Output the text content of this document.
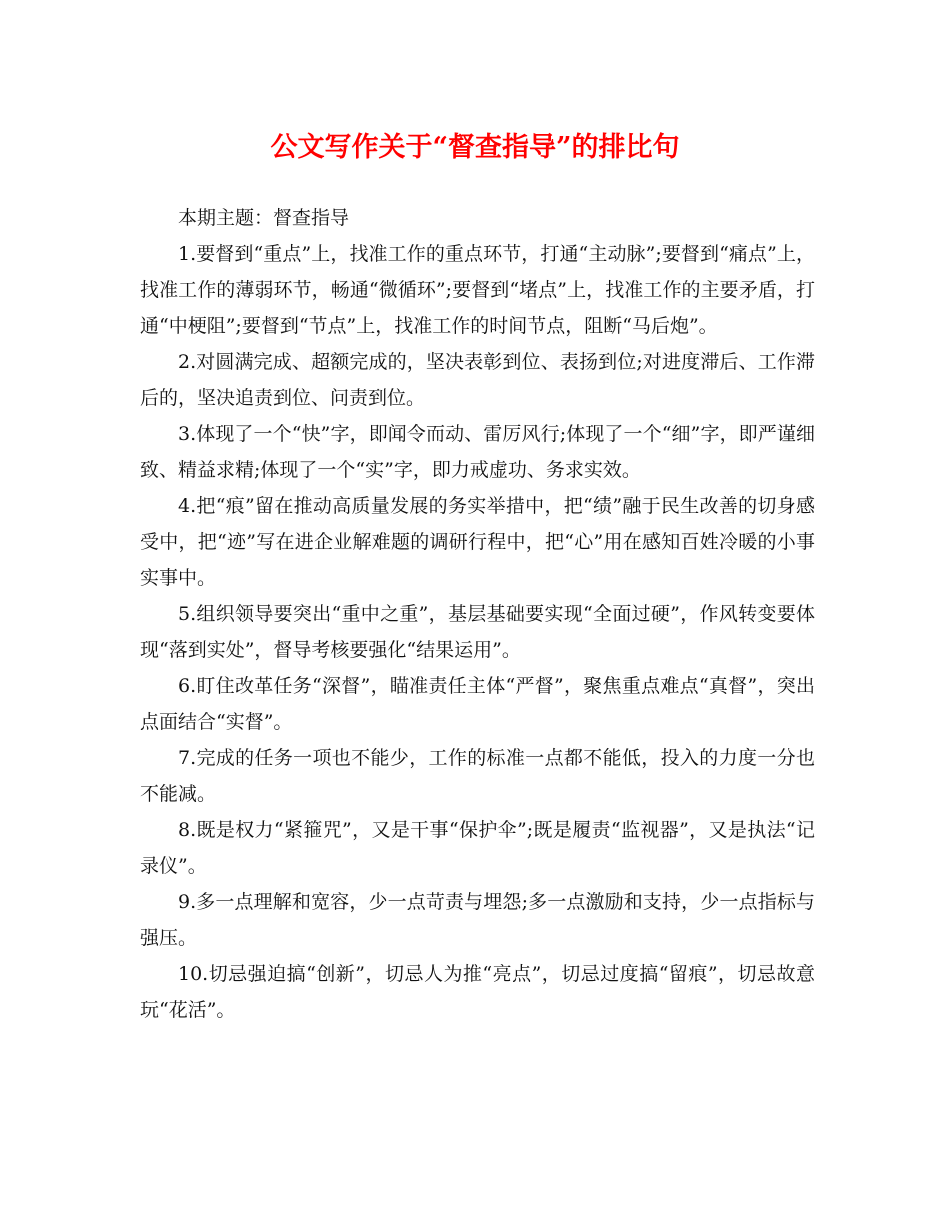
公文写作关于“督查指导”的排比句

本期主题：督查指导

1.要督到“重点”上，找准工作的重点环节，打通“主动脉”;要督到“痛点”上，找准工作的薄弱环节，畅通“微循环”;要督到“堵点”上，找准工作的主要矛盾，打通“中梗阻”;要督到“节点”上，找准工作的时间节点，阻断“马后炮”。

2.对圆满完成、超额完成的，坚决表彰到位、表扬到位;对进度滞后、工作滞后的，坚决追责到位、问责到位。

3.体现了一个“快”字，即闻令而动、雷厉风行;体现了一个“细”字，即严谨细致、精益求精;体现了一个“实”字，即力戒虚功、务求实效。

4.把“痕”留在推动高质量发展的务实举措中，把“绩”融于民生改善的切身感受中，把“迹”写在进企业解难题的调研行程中，把“心”用在感知百姓冷暖的小事实事中。

5.组织领导要突出“重中之重”，基层基础要实现“全面过硬”，作风转变要体现“落到实处”，督导考核要强化“结果运用”。

6.盯住改革任务“深督”，瞄准责任主体“严督”，聚焦重点难点“真督”，突出点面结合“实督”。

7.完成的任务一项也不能少，工作的标准一点都不能低，投入的力度一分也不能减。

8.既是权力“紧箍咒”，又是干事“保护伞”;既是履责“监视器”，又是执法“记录仪”。

9.多一点理解和宽容，少一点苛责与埋怨;多一点激励和支持，少一点指标与强压。

10.切忌强迫搞“创新”，切忌人为推“亮点”，切忌过度搞“留痕”，切忌故意玩“花活”。
